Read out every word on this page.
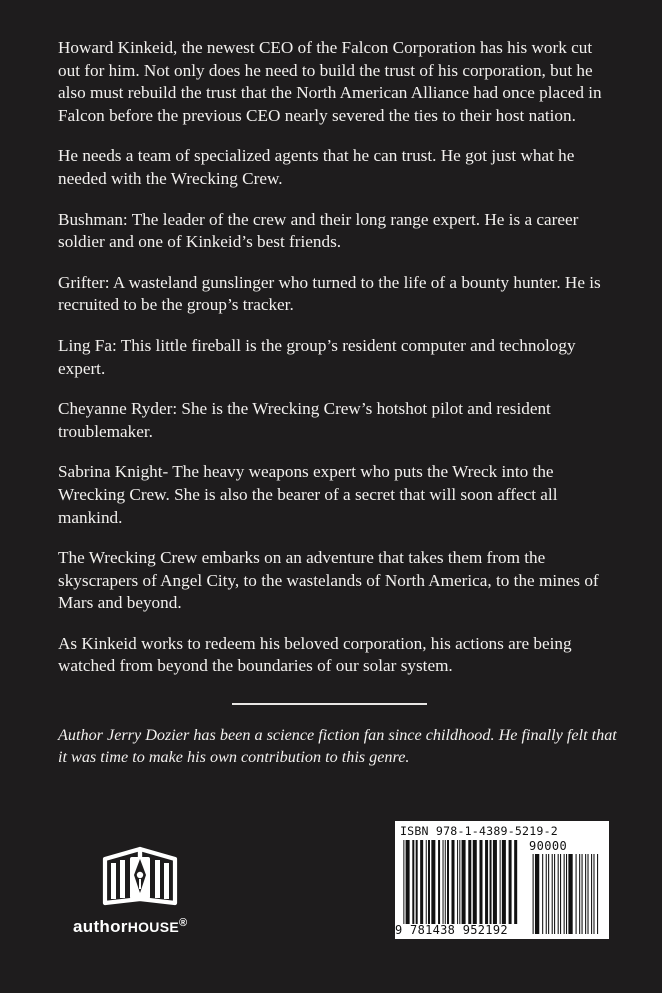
Howard Kinkeid, the newest CEO of the Falcon Corporation has his work cut out for him. Not only does he need to build the trust of his corporation, but he also must rebuild the trust that the North American Alliance had once placed in Falcon before the previous CEO nearly severed the ties to their host nation.

He needs a team of specialized agents that he can trust. He got just what he needed with the Wrecking Crew.

Bushman: The leader of the crew and their long range expert. He is a career soldier and one of Kinkeid’s best friends.

Grifter: A wasteland gunslinger who turned to the life of a bounty hunter. He is recruited to be the group’s tracker.

Ling Fa: This little fireball is the group’s resident computer and technology expert.

Cheyanne Ryder: She is the Wrecking Crew’s hotshot pilot and resident troublemaker.

Sabrina Knight- The heavy weapons expert who puts the Wreck into the Wrecking Crew. She is also the bearer of a secret that will soon affect all mankind.

The Wrecking Crew embarks on an adventure that takes them from the skyscrapers of Angel City, to the wastelands of North America, to the mines of Mars and beyond.

As Kinkeid works to redeem his beloved corporation, his actions are being watched from beyond the boundaries of our solar system.

Author Jerry Dozier has been a science fiction fan since childhood. He finally felt that it was time to make his own contribution to this genre.

authorHOUSE®
ISBN 978-1-4389-5219-2
90000
9 781438 952192
